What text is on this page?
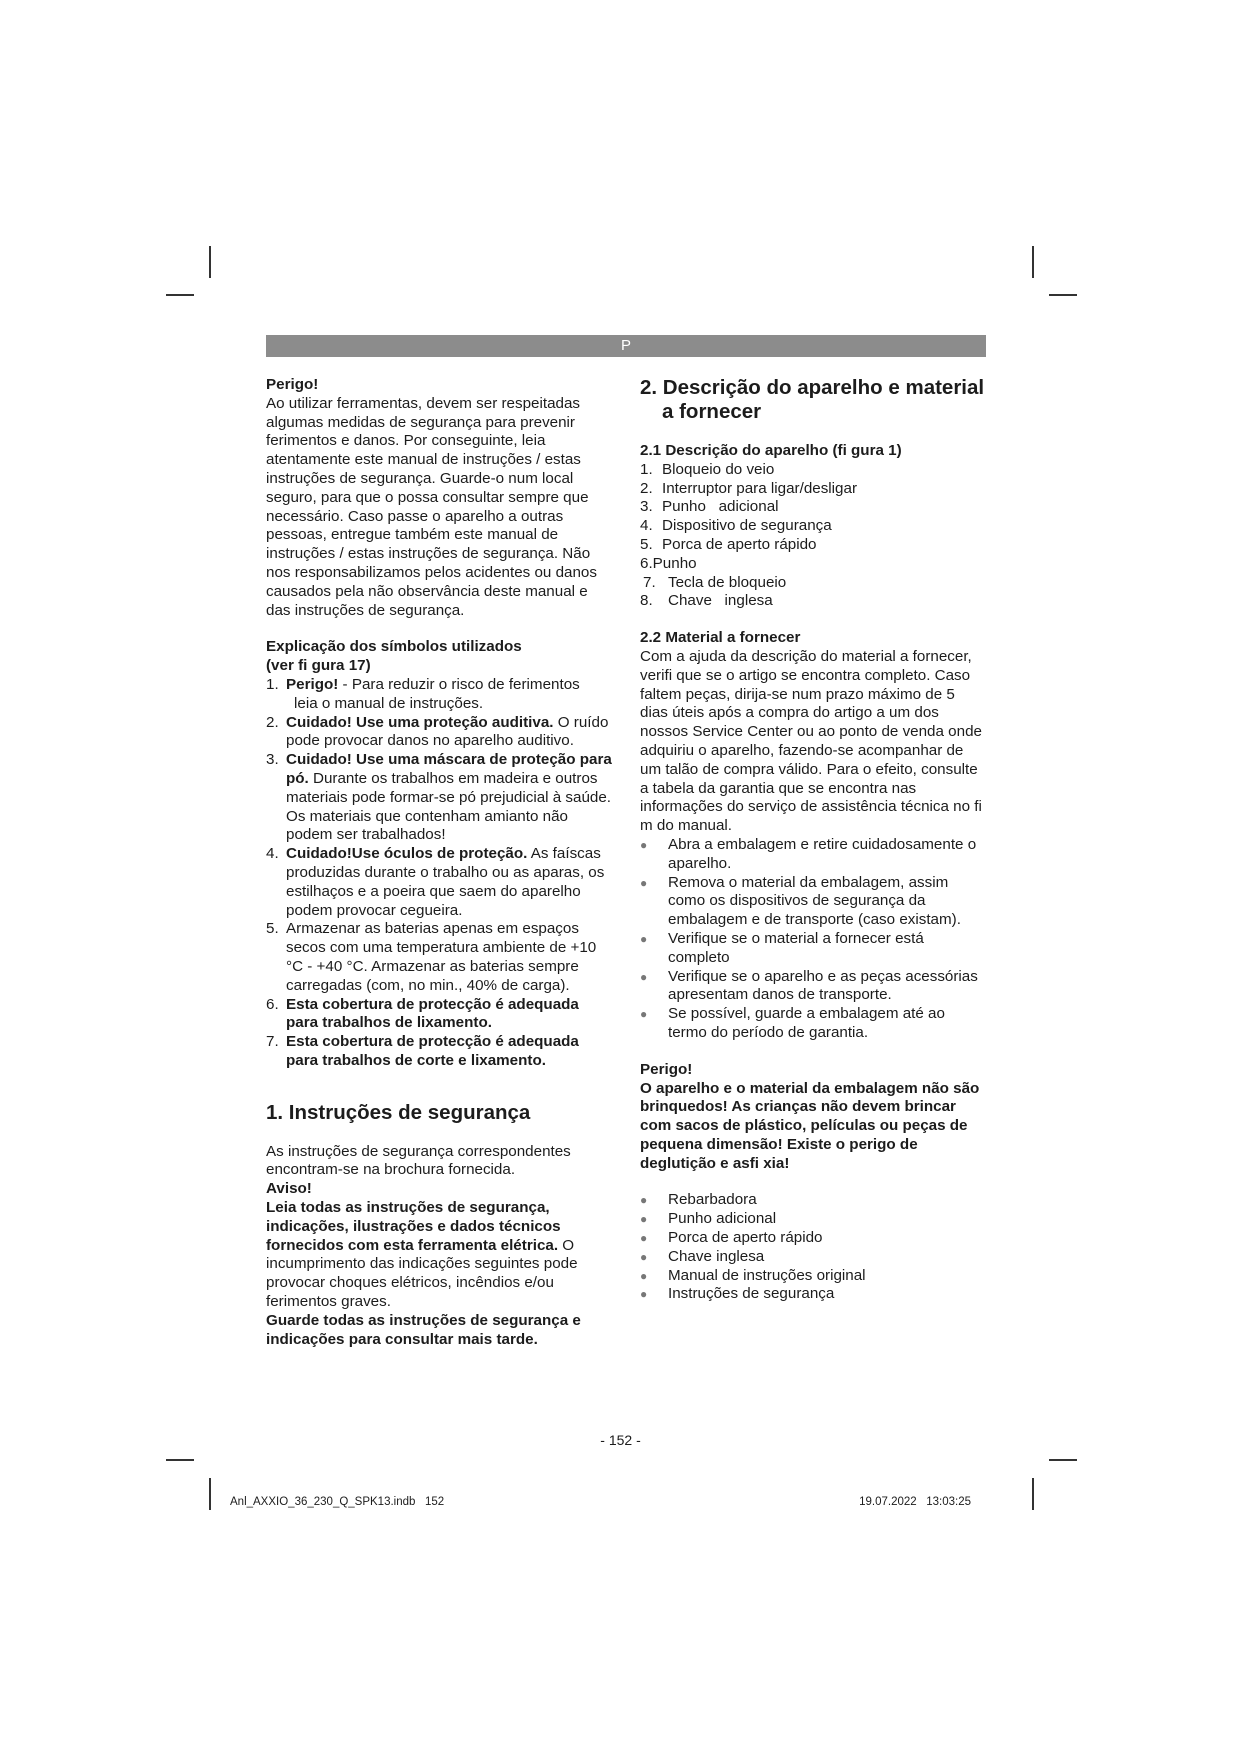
P

Perigo!

Ao utilizar ferramentas, devem ser respeitadas algumas medidas de segurança para prevenir ferimentos e danos. Por conseguinte, leia atentamente este manual de instruções / estas instruções de segurança. Guarde-o num local seguro, para que o possa consultar sempre que necessário. Caso passe o aparelho a outras pessoas, entregue também este manual de instruções / estas instruções de segurança. Não nos responsabilizamos pelos acidentes ou danos causados pela não observância deste manual e das instruções de segurança.

Explicação dos símbolos utilizados

(ver fi gura 17)

1. Perigo! - Para reduzir o risco de ferimentos
leia o manual de instruções.
2. Cuidado! Use uma proteção auditiva. O ruído pode provocar danos no aparelho auditivo.
3. Cuidado! Use uma máscara de proteção para pó. Durante os trabalhos em madeira e outros materiais pode formar-se pó prejudicial à saúde. Os materiais que contenham amianto não podem ser trabalhados!
4. Cuidado!Use óculos de proteção. As faíscas produzidas durante o trabalho ou as aparas, os estilhaços e a poeira que saem do aparelho podem provocar cegueira.
5. Armazenar as baterias apenas em espaços secos com uma temperatura ambiente de +10 °C - +40 °C. Armazenar as baterias sempre carregadas (com, no min., 40% de carga).
6. Esta cobertura de protecção é adequada para trabalhos de lixamento.
7. Esta cobertura de protecção é adequada para trabalhos de corte e lixamento.

1. Instruções de segurança

As instruções de segurança correspondentes encontram-se na brochura fornecida.

Aviso!

Leia todas as instruções de segurança, indicações, ilustrações e dados técnicos fornecidos com esta ferramenta elétrica. O incumprimento das indicações seguintes pode provocar choques elétricos, incêndios e/ou ferimentos graves.

Guarde todas as instruções de segurança e indicações para consultar mais tarde.

2. Descrição do aparelho e material

a fornecer

2.1 Descrição do aparelho (fi gura 1)

1. Bloqueio do veio
2. Interruptor para ligar/desligar
3. Punho   adicional
4. Dispositivo de segurança
5. Porca de aperto rápido
6. Punho
7. Tecla de bloqueio
8.	Chave   inglesa

2.2 Material a fornecer

Com a ajuda da descrição do material a fornecer, verifi que se o artigo se encontra completo. Caso faltem peças, dirija-se num prazo máximo de 5 dias úteis após a compra do artigo a um dos nossos Service Center ou ao ponto de venda onde adquiriu o aparelho, fazendo-se acompanhar de um talão de compra válido. Para o efeito, consulte a tabela da garantia que se encontra nas informações do serviço de assistência técnica no fi m do manual.

●	Abra a embalagem e retire cuidadosamente o aparelho.
●	Remova o material da embalagem, assim como os dispositivos de segurança da embalagem e de transporte (caso existam).
●	Verifique se o material a fornecer está completo
●	Verifique se o aparelho e as peças acessórias apresentam danos de transporte.
●	Se possível, guarde a embalagem até ao termo do período de garantia.

Perigo!

O aparelho e o material da embalagem não são brinquedos! As crianças não devem brincar com sacos de plástico, películas ou peças de pequena dimensão! Existe o perigo de deglutição e asfi xia!

●	Rebarbadora
●	Punho adicional
●	Porca de aperto rápido
●	Chave inglesa
●	Manual de instruções original
●	Instruções de segurança
- 152 -
Anl_AXXIO_36_230_Q_SPK13.indb   152	19.07.2022   13:03:25
